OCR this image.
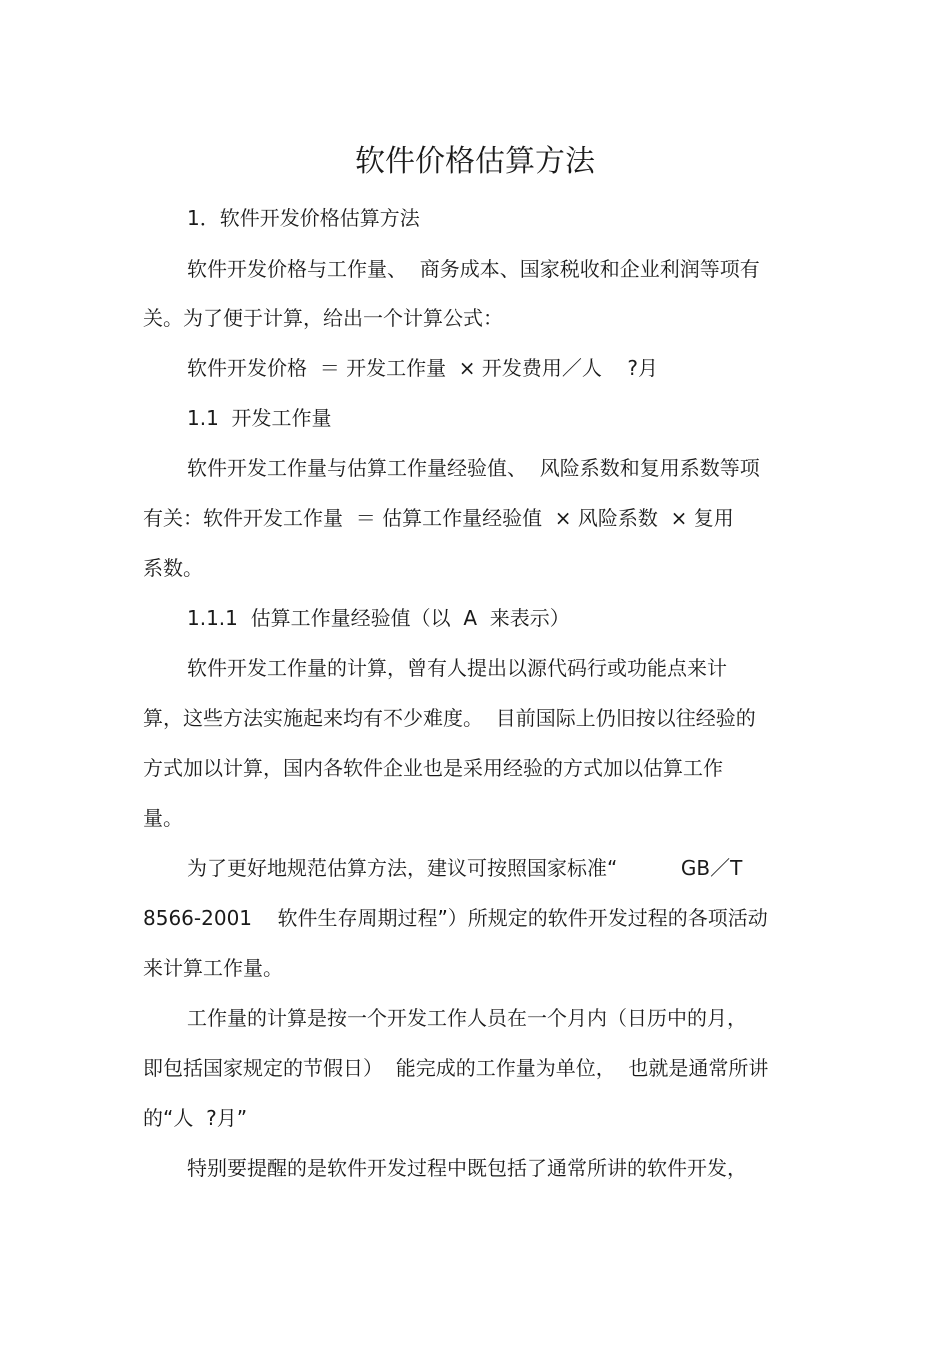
软件价格估算方法

1．软件开发价格估算方法

软件开发价格与工作量、  商务成本、国家税收和企业利润等项有

关。为了便于计算，给出一个计算公式：

软件开发价格  ＝ 开发工作量  × 开发费用／人    ?月

1.1  开发工作量

软件开发工作量与估算工作量经验值、  风险系数和复用系数等项

有关：软件开发工作量  ＝ 估算工作量经验值  × 风险系数  × 复用

系数。

1.1.1  估算工作量经验值（以  A  来表示）

软件开发工作量的计算，曾有人提出以源代码行或功能点来计

算，这些方法实施起来均有不少难度。  目前国际上仍旧按以往经验的

方式加以计算，国内各软件企业也是采用经验的方式加以估算工作

量。

为了更好地规范估算方法，建议可按照国家标准“          GB／T

8566-2001    软件生存周期过程”）所规定的软件开发过程的各项活动

来计算工作量。

工作量的计算是按一个开发工作人员在一个月内（日历中的月，

即包括国家规定的节假日）  能完成的工作量为单位，  也就是通常所讲

的“人  ?月”

特别要提醒的是软件开发过程中既包括了通常所讲的软件开发，
